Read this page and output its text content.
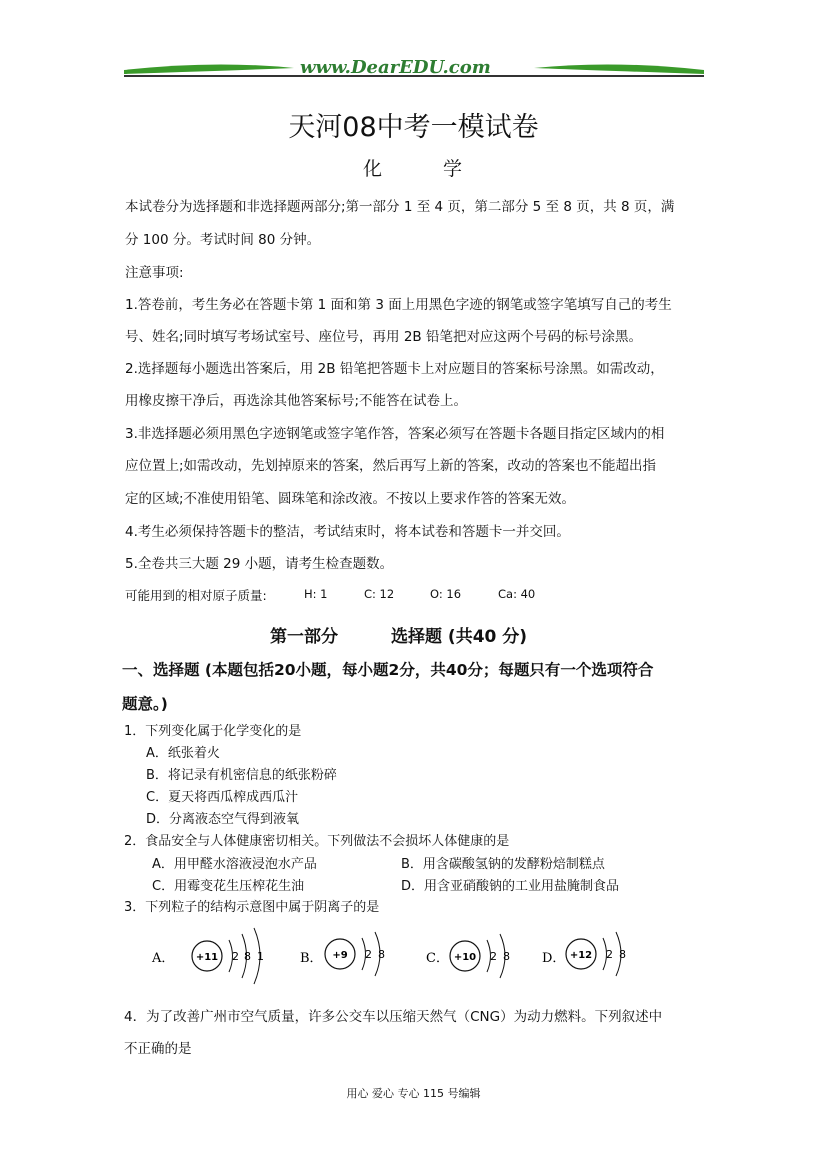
www.DearEDU.com
天河08中考一模试卷
化	学
本试卷分为选择题和非选择题两部分;第一部分 1 至 4 页，第二部分 5 至 8 页，共 8 页，满
分 100 分。考试时间 80 分钟。
注意事项:
1.答卷前，考生务必在答题卡第 1 面和第 3 面上用黑色字迹的钢笔或签字笔填写自己的考生
号、姓名;同时填写考场试室号、座位号，再用 2B 铅笔把对应这两个号码的标号涂黑。
2.选择题每小题选出答案后，用 2B 铅笔把答题卡上对应题目的答案标号涂黑。如需改动，
用橡皮擦干净后，再选涂其他答案标号;不能答在试卷上。
3.非选择题必须用黑色字迹钢笔或签字笔作答，答案必须写在答题卡各题目指定区域内的相
应位置上;如需改动，先划掉原来的答案，然后再写上新的答案，改动的答案也不能超出指
定的区域;不准使用铅笔、圆珠笔和涂改液。不按以上要求作答的答案无效。
4.考生必须保持答题卡的整洁，考试结束时，将本试卷和答题卡一并交回。
5.全卷共三大题 29 小题，请考生检查题数。
可能用到的相对原子质量:	H: 1	C: 12	O: 16	Ca: 40
第一部分	选择题 (共40 分)
一、选择题 (本题包括20小题，每小题2分，共40分；每题只有一个选项符合
题意。)
1．下列变化属于化学变化的是
A．纸张着火
B．将记录有机密信息的纸张粉碎
C．夏天将西瓜榨成西瓜汁
D．分离液态空气得到液氧
2．食品安全与人体健康密切相关。下列做法不会损坏人体健康的是
A．用甲醛水溶液浸泡水产品	B．用含碳酸氢钠的发酵粉焙制糕点
C．用霉变花生压榨花生油	D．用含亚硝酸钠的工业用盐腌制食品
3．下列粒子的结构示意图中属于阴离子的是
A． +11 2 8 1	B． +9 2 8	C． +10 2 8 D． +12 2 8
4．为了改善广州市空气质量，许多公交车以压缩天然气（CNG）为动力燃料。下列叙述中
不正确的是
用心 爱心 专心 115 号编辑
